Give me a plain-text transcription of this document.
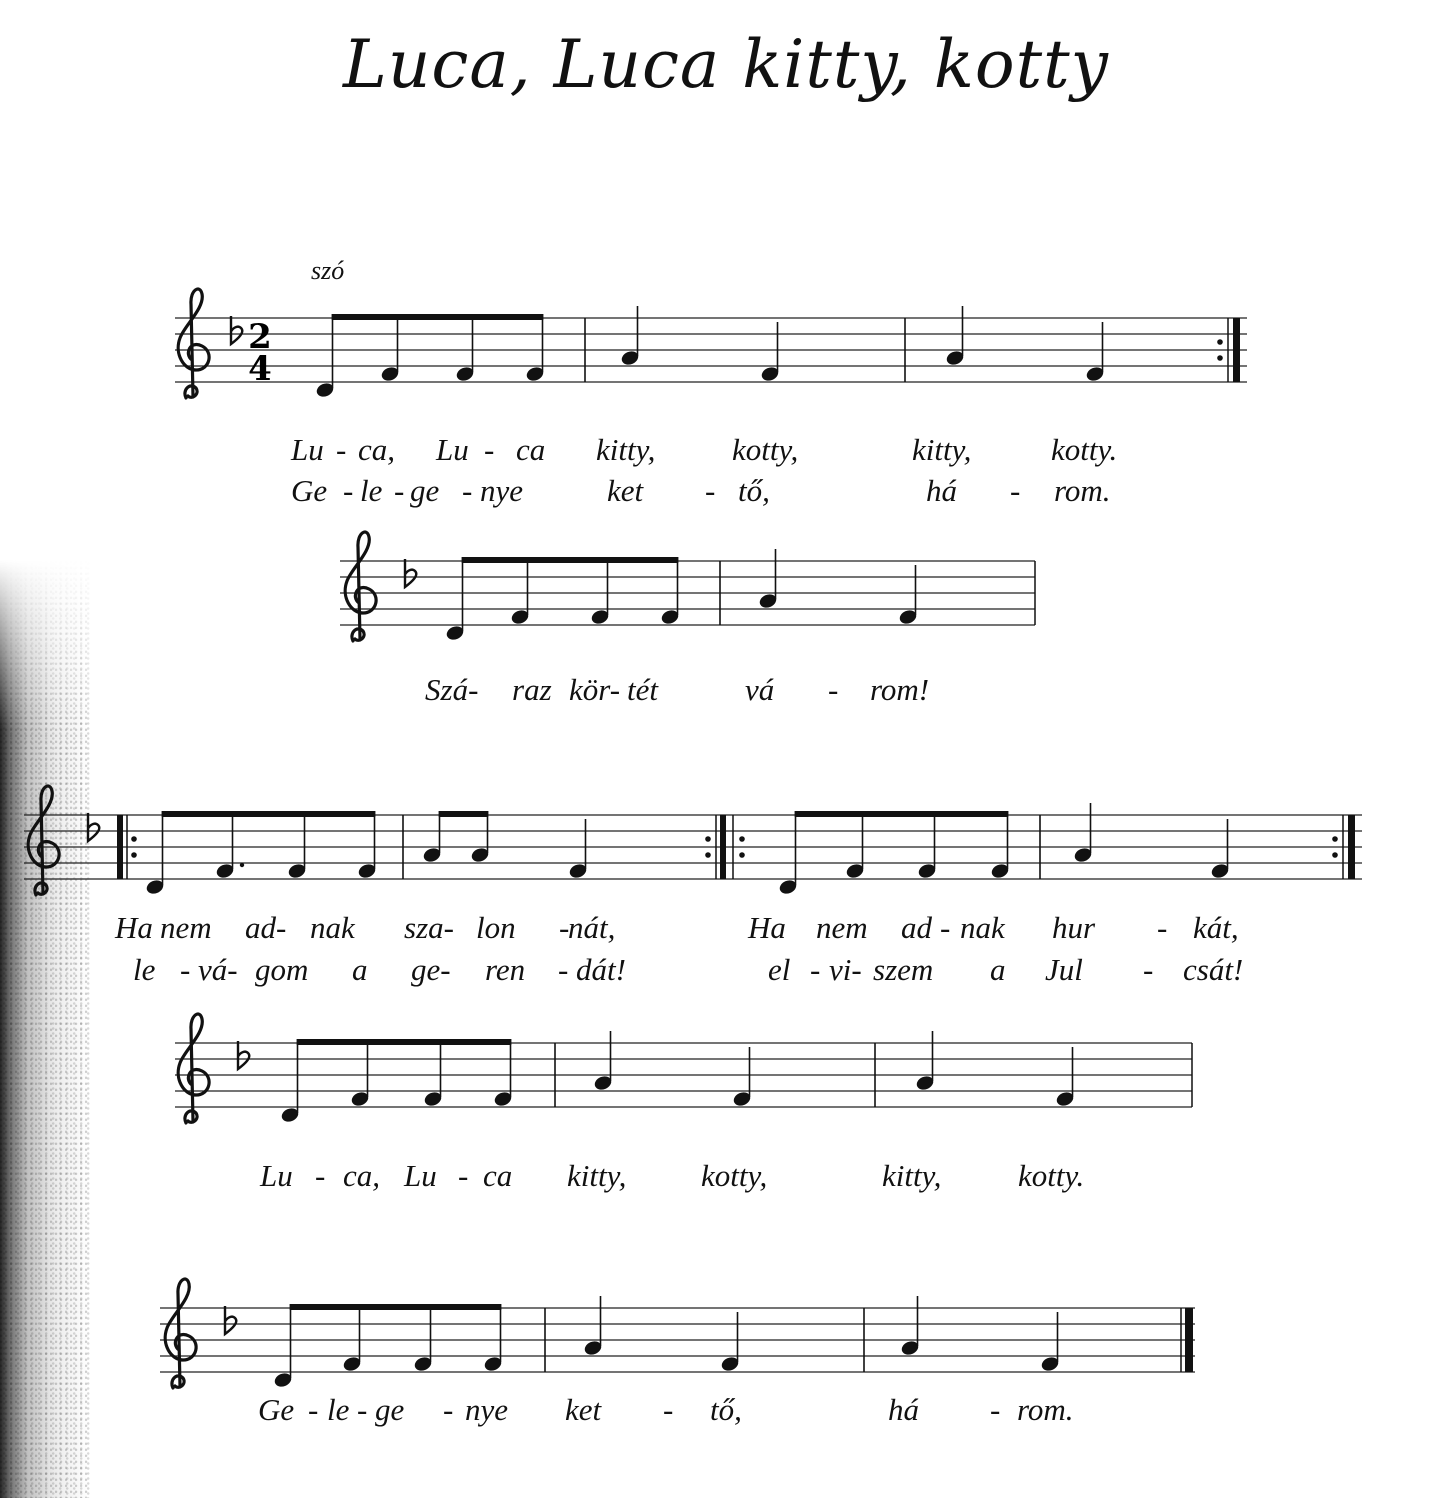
Luca, Luca kitty, kotty
2
4
szó
Lu - ca, Lu - ca kitty, kotty,	kitty,	kotty.
Ge - le - ge - nye	ket - tő,	há - rom.
Szá- raz kör- tét	vá - rom!
Ha nem ad- nak sza- lon -
nát,	Ha nem ad - nak hur - kát,
le - vá- gom a ge- ren - dát!	el - vi- szem a Jul - csát!
Lu - ca, Lu - ca kitty, kotty,	kitty, kotty.
Ge - le - ge - nye ket - tő,	há - rom.
